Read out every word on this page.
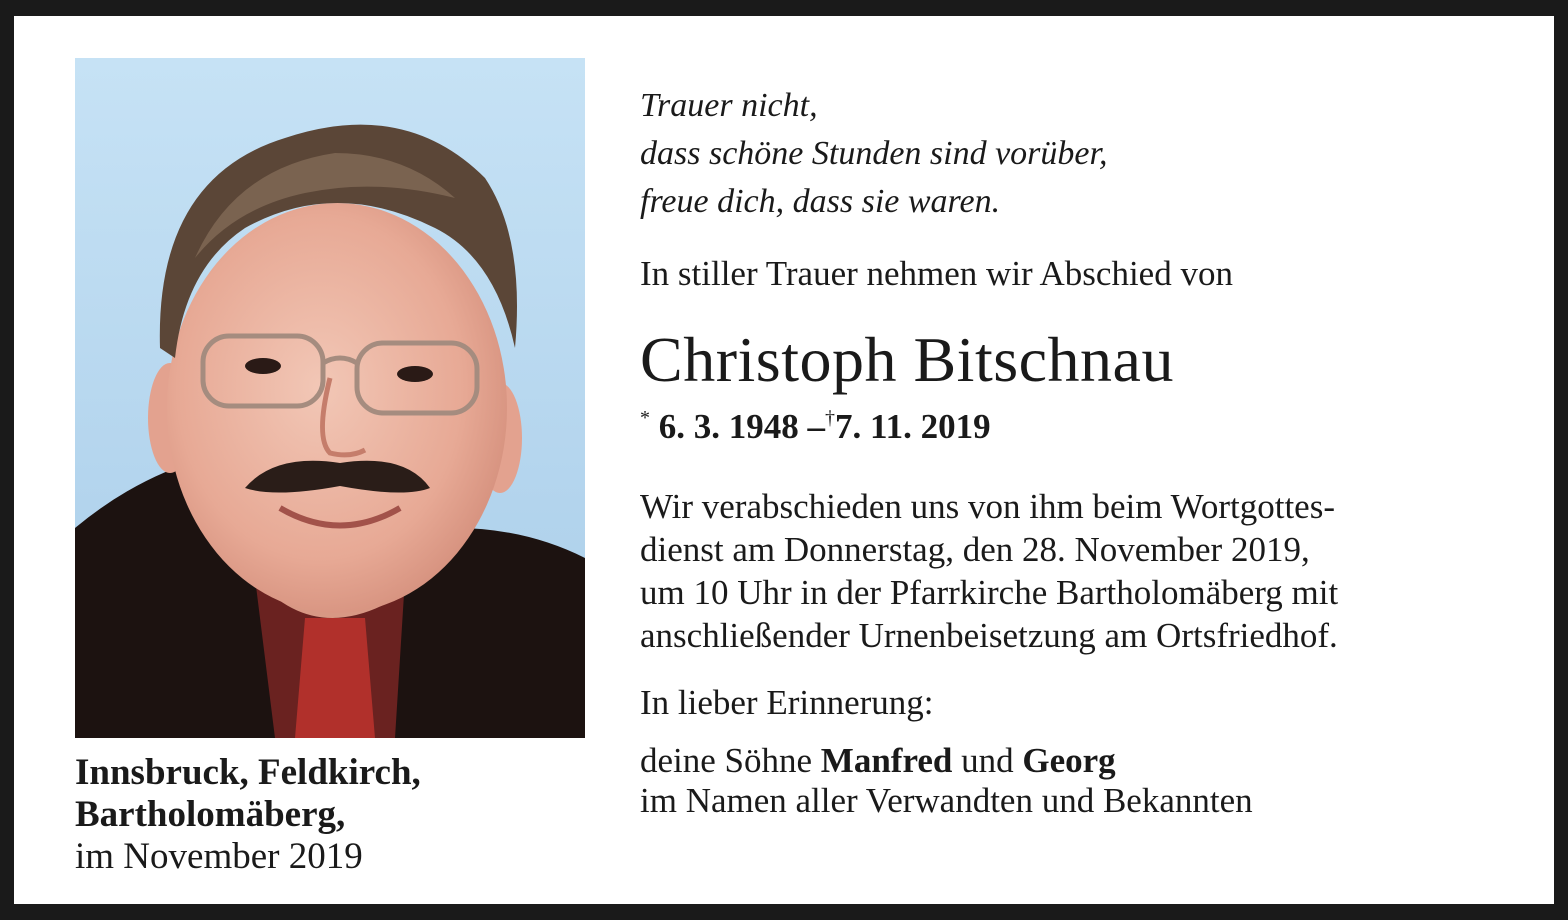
Innsbruck, Feldkirch,
Bartholomäberg,
im November 2019
Trauer nicht,
dass schöne Stunden sind vorüber,
freue dich, dass sie waren.
In stiller Trauer nehmen wir Abschied von
Christoph Bitschnau
* 6. 3. 1948 –†7. 11. 2019
Wir verabschieden uns von ihm beim Wortgottes-
dienst am Donnerstag, den 28. November 2019,
um 10 Uhr in der Pfarrkirche Bartholomäberg mit
anschließender Urnenbeisetzung am Ortsfriedhof.
In lieber Erinnerung:
deine Söhne Manfred und Georg
im Namen aller Verwandten und Bekannten
